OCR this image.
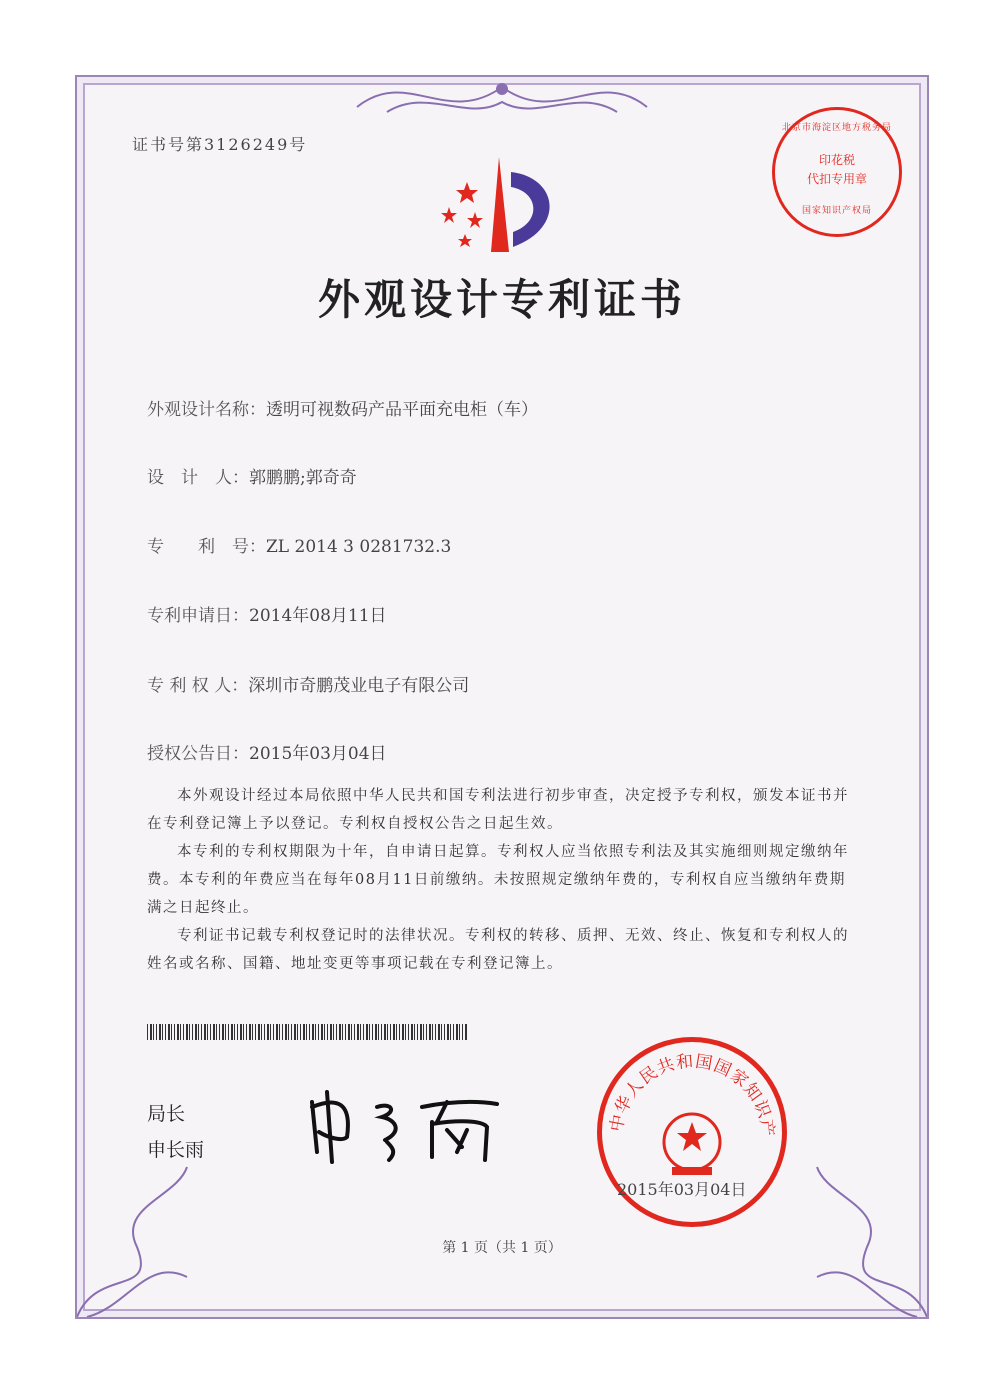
证书号第3126249号
北京市海淀区地方税务局
印花税
代扣专用章
国家知识产权局
外观设计专利证书
外观设计名称：透明可视数码产品平面充电柜（车）
设　计　人：郭鹏鹏;郭奇奇
专　　利　号：ZL 2014 3 0281732.3
专利申请日：2014年08月11日
专 利 权 人：深圳市奇鹏茂业电子有限公司
授权公告日：2015年03月04日
本外观设计经过本局依照中华人民共和国专利法进行初步审查，决定授予专利权，颁发本证书并在专利登记簿上予以登记。专利权自授权公告之日起生效。
本专利的专利权期限为十年，自申请日起算。专利权人应当依照专利法及其实施细则规定缴纳年费。本专利的年费应当在每年08月11日前缴纳。未按照规定缴纳年费的，专利权自应当缴纳年费期满之日起终止。
专利证书记载专利权登记时的法律状况。专利权的转移、质押、无效、终止、恢复和专利权人的姓名或名称、国籍、地址变更等事项记载在专利登记簿上。
局长
申长雨
中华人民共和国国家知识产
2015年03月04日
第 1 页（共 1 页）
